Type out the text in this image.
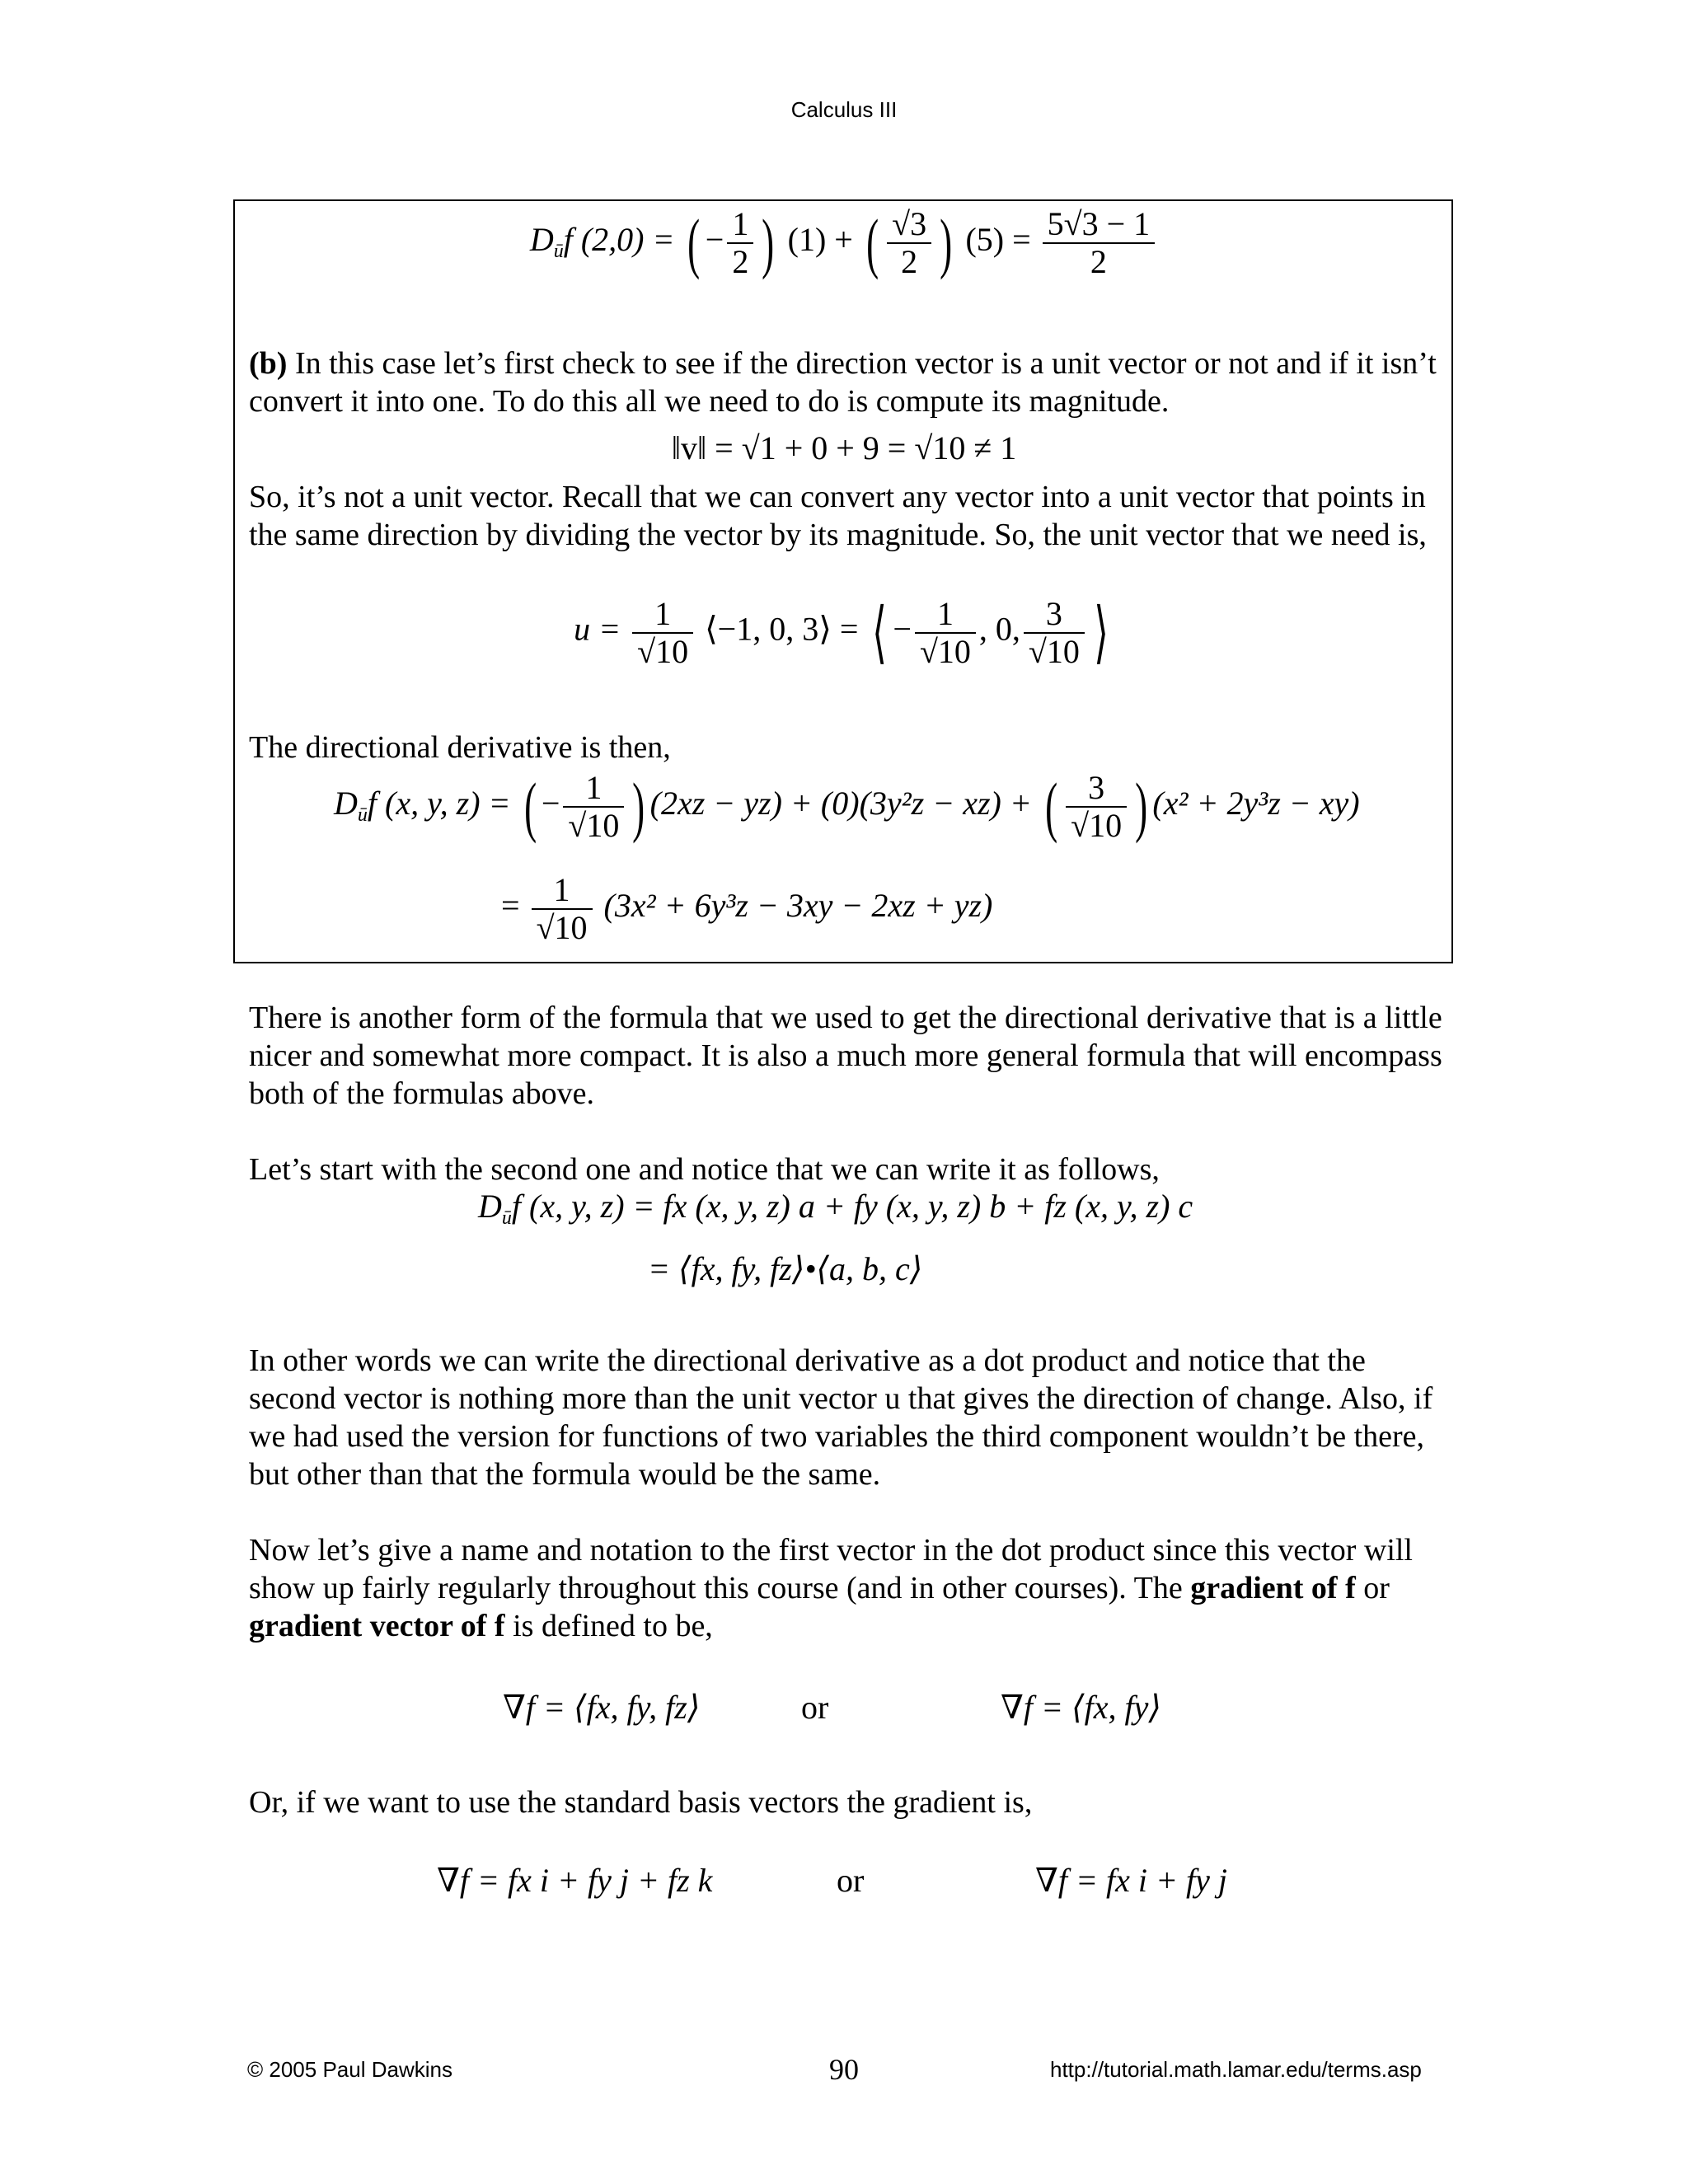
Calculus III
$D_ūf$ (2,0) = ( − $\frac{1}{2}$ ) (1) + ( $\frac{√3}{2}$ ) $(5) = \frac{5√3 - 1}{2}$
(b) In this case let’s first check to see if the direction vector is a unit vector or not and if it isn’t convert it into one. To do this all we need to do is compute its magnitude.
‖v‖ = √1 + 0 + 9 = √10 ≠ 1
So, it’s not a unit vector. Recall that we can convert any vector into a unit vector that points in the same direction by dividing the vector by its magnitude. So, the unit vector that we need is,
$u = \frac{1}{√10}$ ⟨−1, 0, 3⟩ = ⟨ − $\frac{1}{√10}$ , 0, $\frac{3}{√10}$ ⟩
The directional derivative is then,
$D_ūf$ (x, y, z) = ( − $\frac{1}{√10}$ ) (2xz − yz) + (0)(3y²z − xz) + ( $\frac{3}{√10}$ ) (x² + 2y³z − xy)
= $\frac{1}{√10} (3x^2 + 6y^3z - 3xy - 2xz + yz)$
There is another form of the formula that we used to get the directional derivative that is a little nicer and somewhat more compact. It is also a much more general formula that will encompass both of the formulas above.
Let’s start with the second one and notice that we can write it as follows,
$D_ūf$ (x, y, z) = fx (x, y, z) a + fy (x, y, z) b + fz (x, y, z) c
= ⟨fx, fy, fz⟩•⟨a, b, c⟩
In other words we can write the directional derivative as a dot product and notice that the second vector is nothing more than the unit vector u that gives the direction of change. Also, if we had used the version for functions of two variables the third component wouldn’t be there, but other than that the formula would be the same.
Now let’s give a name and notation to the first vector in the dot product since this vector will show up fairly regularly throughout this course (and in other courses). The gradient of f or gradient vector of f is defined to be,
∇f = ⟨fx, fy, fz⟩	or	∇f = ⟨fx, fy⟩
Or, if we want to use the standard basis vectors the gradient is,
∇f = fx i + fy j + fz k	or	∇f = fx i + fy j
© 2005 Paul Dawkins	90	http://tutorial.math.lamar.edu/terms.asp
